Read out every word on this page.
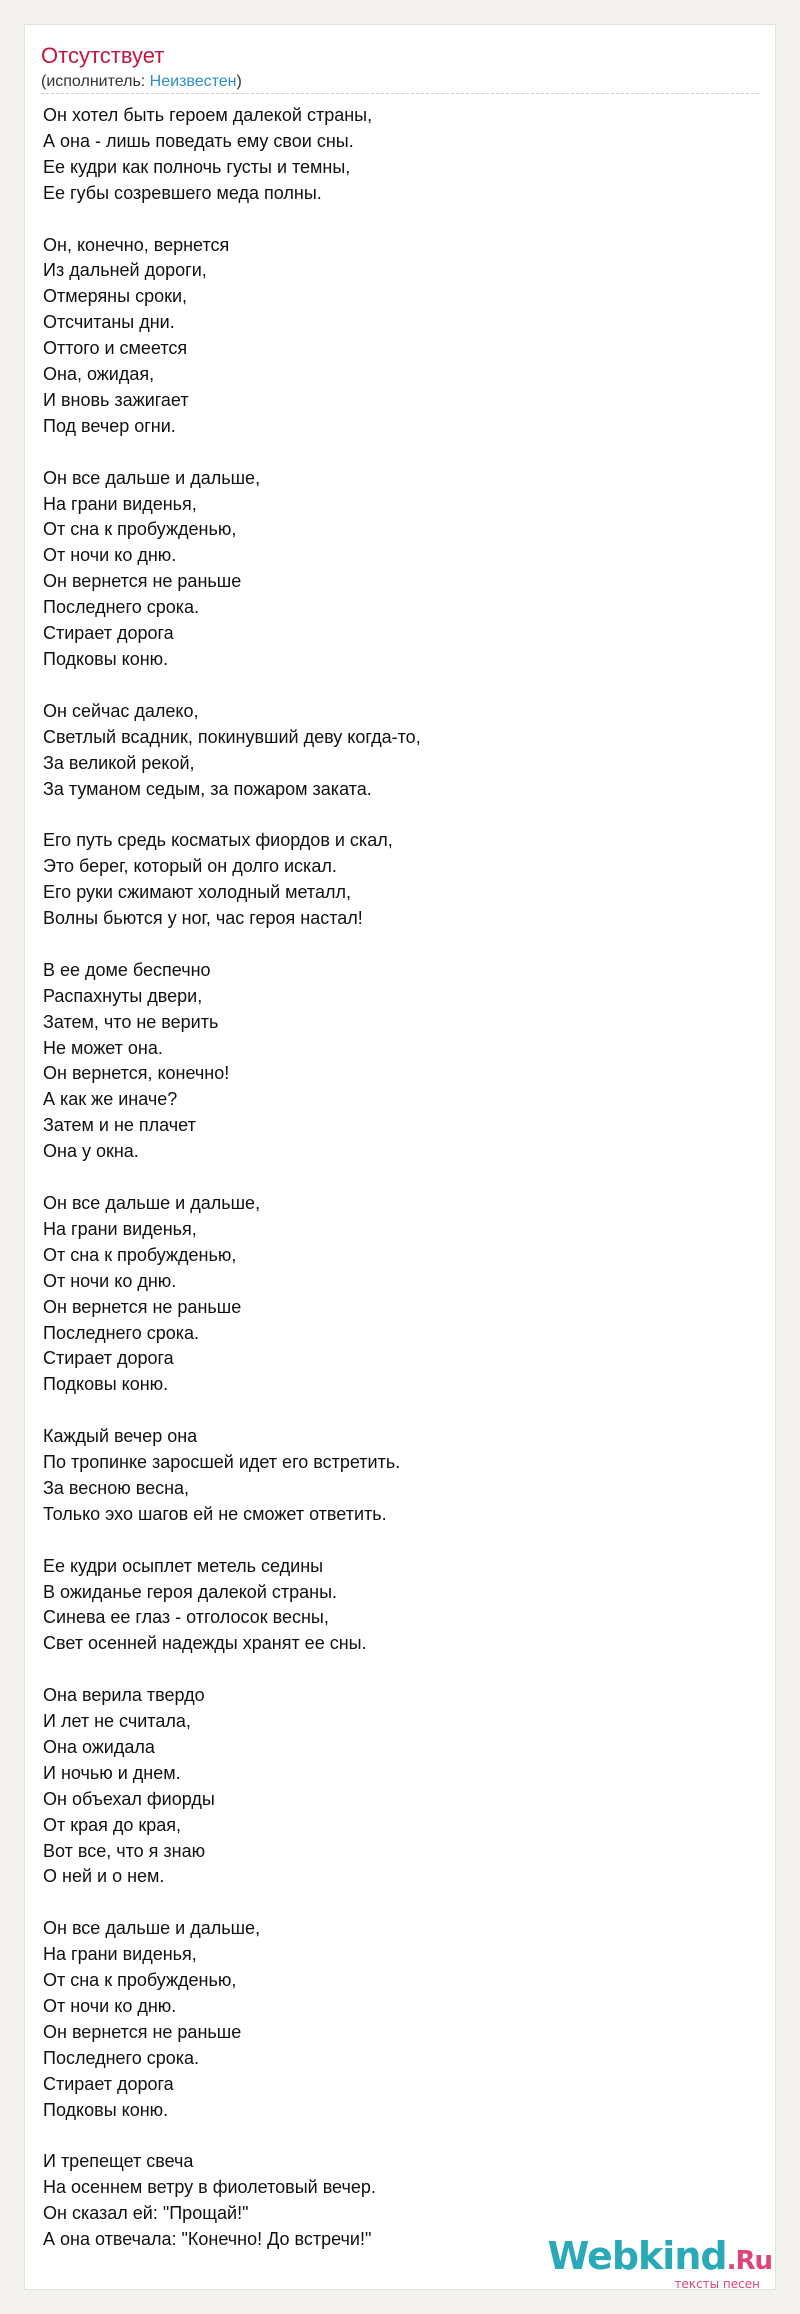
Отсутствует
(исполнитель: Неизвестен)
Он хотел быть героем далекой страны,
А она - лишь поведать ему свои сны.
Ее кудри как полночь густы и темны,
Ее губы созревшего меда полны.
Он, конечно, вернется
Из дальней дороги,
Отмеряны сроки,
Отсчитаны дни.
Оттого и смеется
Она, ожидая,
И вновь зажигает
Под вечер огни.
Он все дальше и дальше,
На грани виденья,
От сна к пробужденью,
От ночи ко дню.
Он вернется не раньше
Последнего срока.
Стирает дорога
Подковы коню.
Он сейчас далеко,
Светлый всадник, покинувший деву когда-то,
За великой рекой,
За туманом седым, за пожаром заката.
Его путь средь косматых фиордов и скал,
Это берег, который он долго искал.
Его руки сжимают холодный металл,
Волны бьются у ног, час героя настал!
В ее доме беспечно
Распахнуты двери,
Затем, что не верить
Не может она.
Он вернется, конечно!
А как же иначе?
Затем и не плачет
Она у окна.
Он все дальше и дальше,
На грани виденья,
От сна к пробужденью,
От ночи ко дню.
Он вернется не раньше
Последнего срока.
Стирает дорога
Подковы коню.
Каждый вечер она
По тропинке заросшей идет его встретить.
За весною весна,
Только эхо шагов ей не сможет ответить.
Ее кудри осыплет метель седины
В ожиданье героя далекой страны.
Синева ее глаз - отголосок весны,
Свет осенней надежды хранят ее сны.
Она верила твердо
И лет не считала,
Она ожидала
И ночью и днем.
Он объехал фиорды
От края до края,
Вот все, что я знаю
О ней и о нем.
Он все дальше и дальше,
На грани виденья,
От сна к пробужденью,
От ночи ко дню.
Он вернется не раньше
Последнего срока.
Стирает дорога
Подковы коню.
И трепещет свеча
На осеннем ветру в фиолетовый вечер.
Он сказал ей: "Прощай!"
А она отвечала: "Конечно! До встречи!"	Webkind.Ru
тексты песен
